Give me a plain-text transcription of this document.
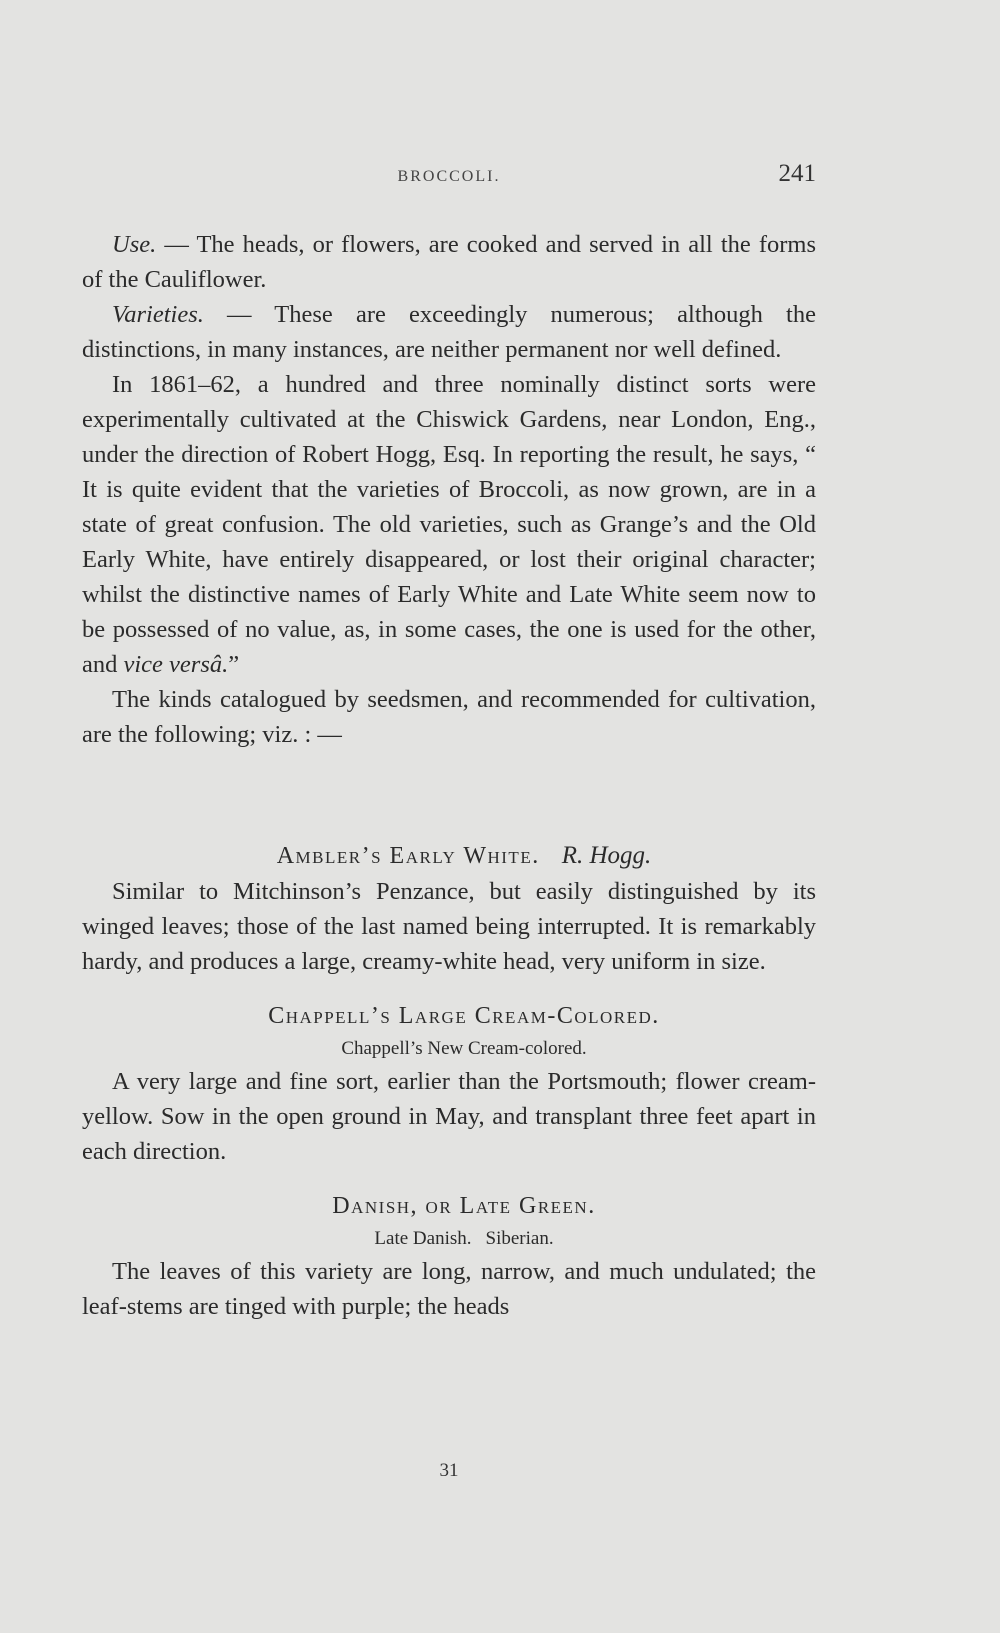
BROCCOLI.	241

Use. — The heads, or flowers, are cooked and served in all the forms of the Cauliflower.

Varieties. — These are exceedingly numerous; although the distinctions, in many instances, are neither permanent nor well defined.

In 1861–62, a hundred and three nominally distinct sorts were experimentally cultivated at the Chiswick Gardens, near London, Eng., under the direction of Robert Hogg, Esq. In reporting the result, he says, “ It is quite evident that the varieties of Broccoli, as now grown, are in a state of great confusion. The old varieties, such as Grange’s and the Old Early White, have entirely disappeared, or lost their original character; whilst the distinctive names of Early White and Late White seem now to be possessed of no value, as, in some cases, the one is used for the other, and vice versâ.”

The kinds catalogued by seedsmen, and recommended for cultivation, are the following; viz. : —

Ambler’s Early White. R. Hogg.

Similar to Mitchinson’s Penzance, but easily distinguished by its winged leaves; those of the last named being interrupted. It is remarkably hardy, and produces a large, creamy-white head, very uniform in size.

Chappell’s Large Cream-Colored.

Chappell’s New Cream-colored.

A very large and fine sort, earlier than the Portsmouth; flower cream-yellow. Sow in the open ground in May, and transplant three feet apart in each direction.

Danish, or Late Green.

Late Danish. Siberian.

The leaves of this variety are long, narrow, and much undulated; the leaf-stems are tinged with purple; the heads

31
